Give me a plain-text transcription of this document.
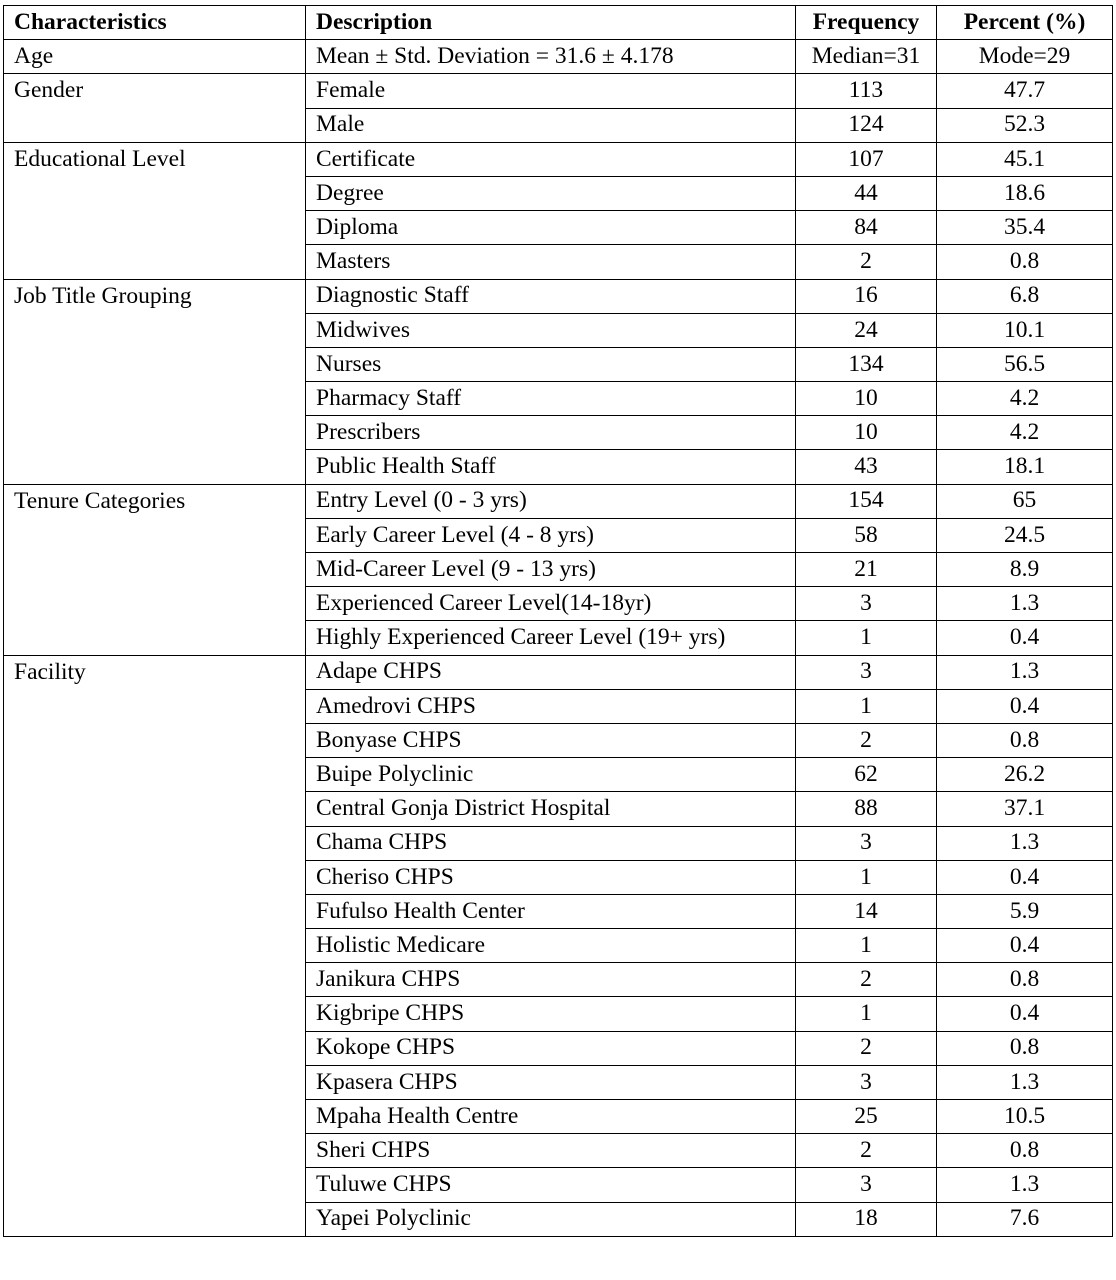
Characteristics	Description	Frequency	Percent (%)
Age	Mean ± Std. Deviation = 31.6 ± 4.178	Median=31	Mode=29
Gender	Female	113	47.7
	Male	124	52.3
Educational Level	Certificate	107	45.1
	Degree	44	18.6
	Diploma	84	35.4
	Masters	2	0.8
Job Title Grouping	Diagnostic Staff	16	6.8
	Midwives	24	10.1
	Nurses	134	56.5
	Pharmacy Staff	10	4.2
	Prescribers	10	4.2
	Public Health Staff	43	18.1
Tenure Categories	Entry Level (0 - 3 yrs)	154	65
	Early Career Level (4 - 8 yrs)	58	24.5
	Mid-Career Level (9 - 13 yrs)	21	8.9
	Experienced Career Level(14-18yr)	3	1.3
	Highly Experienced Career Level (19+ yrs)	1	0.4
Facility	Adape CHPS	3	1.3
	Amedrovi CHPS	1	0.4
	Bonyase CHPS	2	0.8
	Buipe Polyclinic	62	26.2
	Central Gonja District Hospital	88	37.1
	Chama CHPS	3	1.3
	Cheriso CHPS	1	0.4
	Fufulso Health Center	14	5.9
	Holistic Medicare	1	0.4
	Janikura CHPS	2	0.8
	Kigbripe CHPS	1	0.4
	Kokope CHPS	2	0.8
	Kpasera CHPS	3	1.3
	Mpaha Health Centre	25	10.5
	Sheri CHPS	2	0.8
	Tuluwe CHPS	3	1.3
	Yapei Polyclinic	18	7.6
